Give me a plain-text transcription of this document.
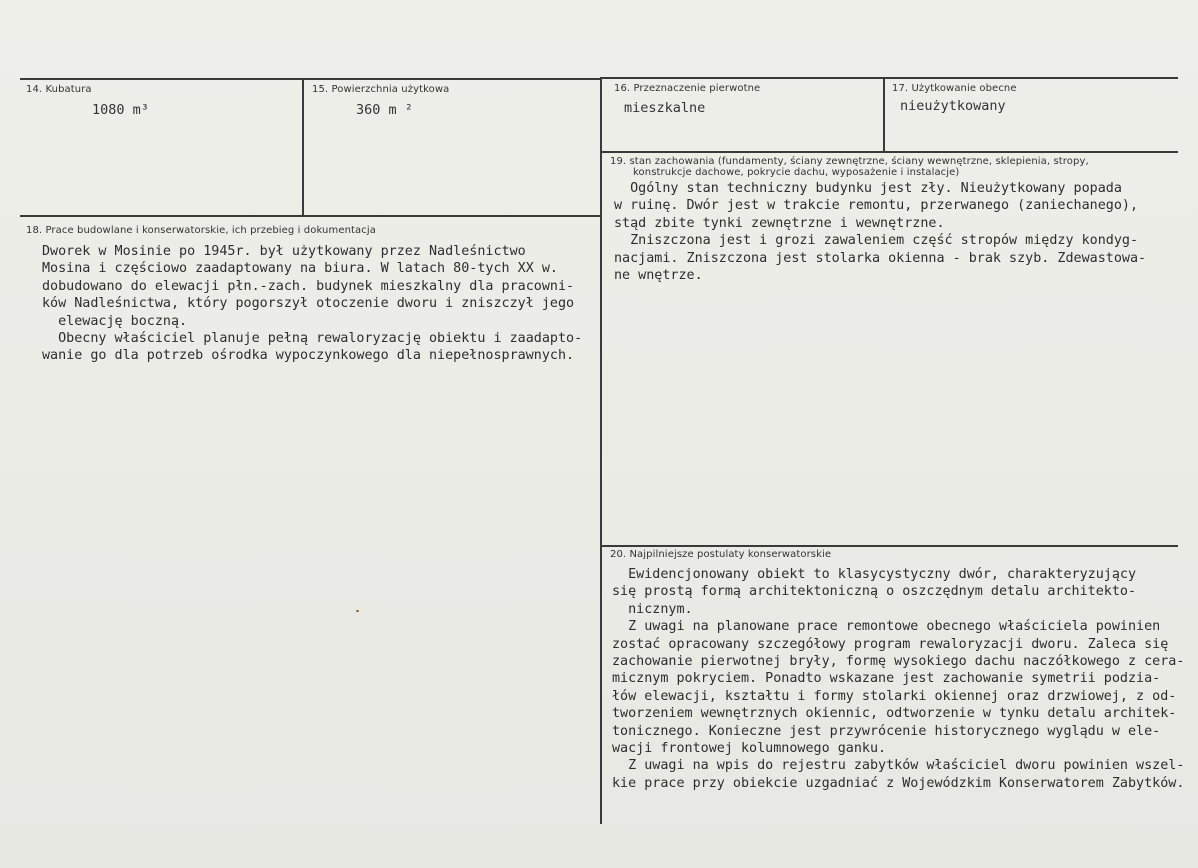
14. Kubatura
1080 m³
15. Powierzchnia użytkowa
360 m ²
16. Przeznaczenie pierwotne
mieszkalne
17. Użytkowanie obecne
nieużytkowany
19. stan zachowania (fundamenty, ściany zewnętrzne, ściany wewnętrzne, sklepienia, stropy,
konstrukcje dachowe, pokrycie dachu, wyposażenie i instalacje)

Ogólny stan techniczny budynku jest zły. Nieużytkowany popada

w ruinę. Dwór jest w trakcie remontu, przerwanego (zaniechanego),

stąd zbite tynki zewnętrzne i wewnętrzne.

Zniszczona jest i grozi zawaleniem część stropów między kondyg-

nacjami. Zniszczona jest stolarka okienna - brak szyb. Zdewastowa-

ne wnętrze.

18. Prace budowlane i konserwatorskie, ich przebieg i dokumentacja

Dworek w Mosinie po 1945r. był użytkowany przez Nadleśnictwo

Mosina i częściowo zaadaptowany na biura. W latach 80-tych XX w.

dobudowano do elewacji płn.-zach. budynek mieszkalny dla pracowni-

ków Nadleśnictwa, który pogorszył otoczenie dworu i zniszczył jego

elewację boczną.

Obecny właściciel planuje pełną rewaloryzację obiektu i zaadapto-

wanie go dla potrzeb ośrodka wypoczynkowego dla niepełnosprawnych.

20. Najpilniejsze postulaty konserwatorskie

Ewidencjonowany obiekt to klasycystyczny dwór, charakteryzujący

się prostą formą architektoniczną o oszczędnym detalu architekto-

nicznym.

Z uwagi na planowane prace remontowe obecnego właściciela powinien

zostać opracowany szczegółowy program rewaloryzacji dworu. Zaleca się

zachowanie pierwotnej bryły, formę wysokiego dachu naczółkowego z cera-

micznym pokryciem. Ponadto wskazane jest zachowanie symetrii podzia-

łów elewacji, kształtu i formy stolarki okiennej oraz drzwiowej, z od-

tworzeniem wewnętrznych okiennic, odtworzenie w tynku detalu architek-

tonicznego. Konieczne jest przywrócenie historycznego wyglądu w ele-

wacji frontowej kolumnowego ganku.

Z uwagi na wpis do rejestru zabytków właściciel dworu powinien wszel-

kie prace przy obiekcie uzgadniać z Wojewódzkim Konserwatorem Zabytków.
